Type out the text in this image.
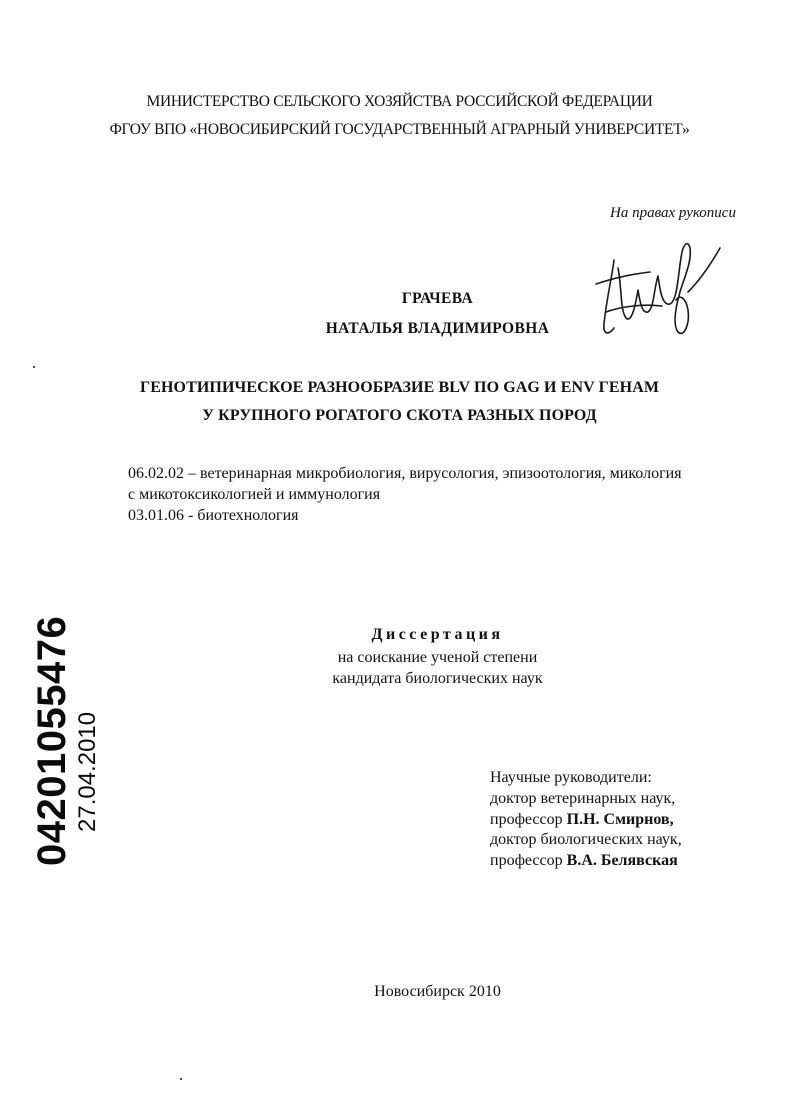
МИНИСТЕРСТВО СЕЛЬСКОГО ХОЗЯЙСТВА РОССИЙСКОЙ ФЕДЕРАЦИИ
ФГОУ ВПО «НОВОСИБИРСКИЙ ГОСУДАРСТВЕННЫЙ АГРАРНЫЙ УНИВЕРСИТЕТ»
На правах рукописи
ГРАЧЕВА
НАТАЛЬЯ ВЛАДИМИРОВНА
ГЕНОТИПИЧЕСКОЕ РАЗНООБРАЗИЕ BLV ПО GAG И ENV ГЕНАМ
У КРУПНОГО РОГАТОГО СКОТА РАЗНЫХ ПОРОД
06.02.02 – ветеринарная микробиология, вирусология, эпизоотология, микология
с микотоксикологией и иммунология
03.01.06 - биотехнология
Диссертация
на соискание ученой степени
кандидата биологических наук
Научные руководители:
доктор ветеринарных наук,
профессор П.Н. Смирнов,
доктор биологических наук,
профессор В.А. Белявская
Новосибирск 2010
04201055476 27.04.2010
